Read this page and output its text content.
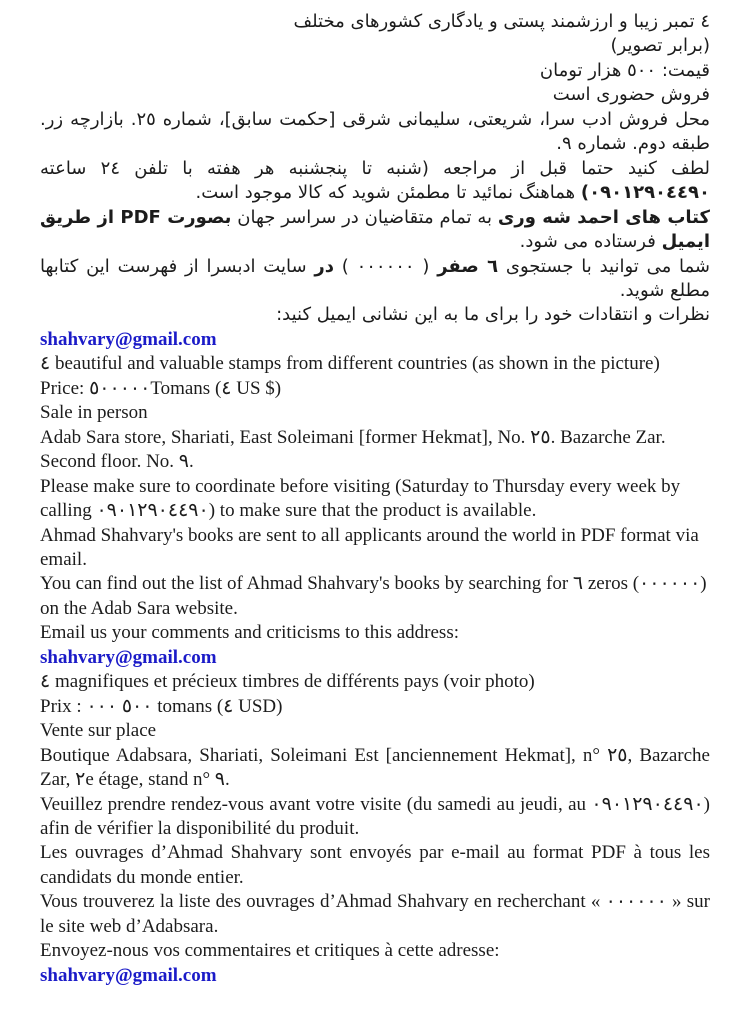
٤ تمبر زیبا و ارزشمند پستی و یادگاری کشورهای مختلف

(برابر تصویر)

قیمت: ٥٠٠ هزار تومان

فروش حضوری است

محل فروش ادب سرا، شریعتی، سلیمانی شرقی [حکمت سابق]، شماره ٢٥. بازارچه زر. طبقه دوم. شماره ٩.

لطف کنید حتما قبل از مراجعه (شنبه تا پنجشنبه هر هفته با تلفن ٢٤ ساعته ٠٩٠١٢٩٠٤٤٩٠) هماهنگ نمائید تا مطمئن شوید که کالا موجود است.

کتاب های احمد شه وری به تمام متقاضیان در سراسر جهان بصورت PDF از طریق ایمیل فرستاده می شود.

شما می توانید با جستجوی ٦ صفر ( ٠٠٠٠٠٠ ) در سایت ادبسرا از فهرست این کتابها مطلع شوید.

نظرات و انتقادات خود را برای ما به این نشانی ایمیل کنید:

shahvary@gmail.com

٤ beautiful and valuable stamps from different countries (as shown in the picture)

Price: ٥٠٠٠٠٠Tomans (٤ US $)

Sale in person

Adab Sara store, Shariati, East Soleimani [former Hekmat], No. ٢٥. Bazarche Zar. Second floor. No. ٩.

Please make sure to coordinate before visiting (Saturday to Thursday every week by calling ٠٩٠١٢٩٠٤٤٩٠) to make sure that the product is available.

Ahmad Shahvary's books are sent to all applicants around the world in PDF format via email.

You can find out the list of Ahmad Shahvary's books by searching for ٦ zeros (٠٠٠٠٠٠) on the Adab Sara website.

Email us your comments and criticisms to this address:

shahvary@gmail.com

٤ magnifiques et précieux timbres de différents pays (voir photo)

Prix : ٥٠٠ ٠٠٠ tomans (٤ USD)

Vente sur place

Boutique Adabsara, Shariati, Soleimani Est [anciennement Hekmat], n° ٢٥, Bazarche Zar, ٢e étage, stand n° ٩.

Veuillez prendre rendez-vous avant votre visite (du samedi au jeudi, au ٠٩٠١٢٩٠٤٤٩٠) afin de vérifier la disponibilité du produit.

Les ouvrages d’Ahmad Shahvary sont envoyés par e-mail au format PDF à tous les candidats du monde entier.

Vous trouverez la liste des ouvrages d’Ahmad Shahvary en recherchant « ٠٠٠٠٠٠ » sur le site web d’Adabsara.

Envoyez-nous vos commentaires et critiques à cette adresse:

shahvary@gmail.com
